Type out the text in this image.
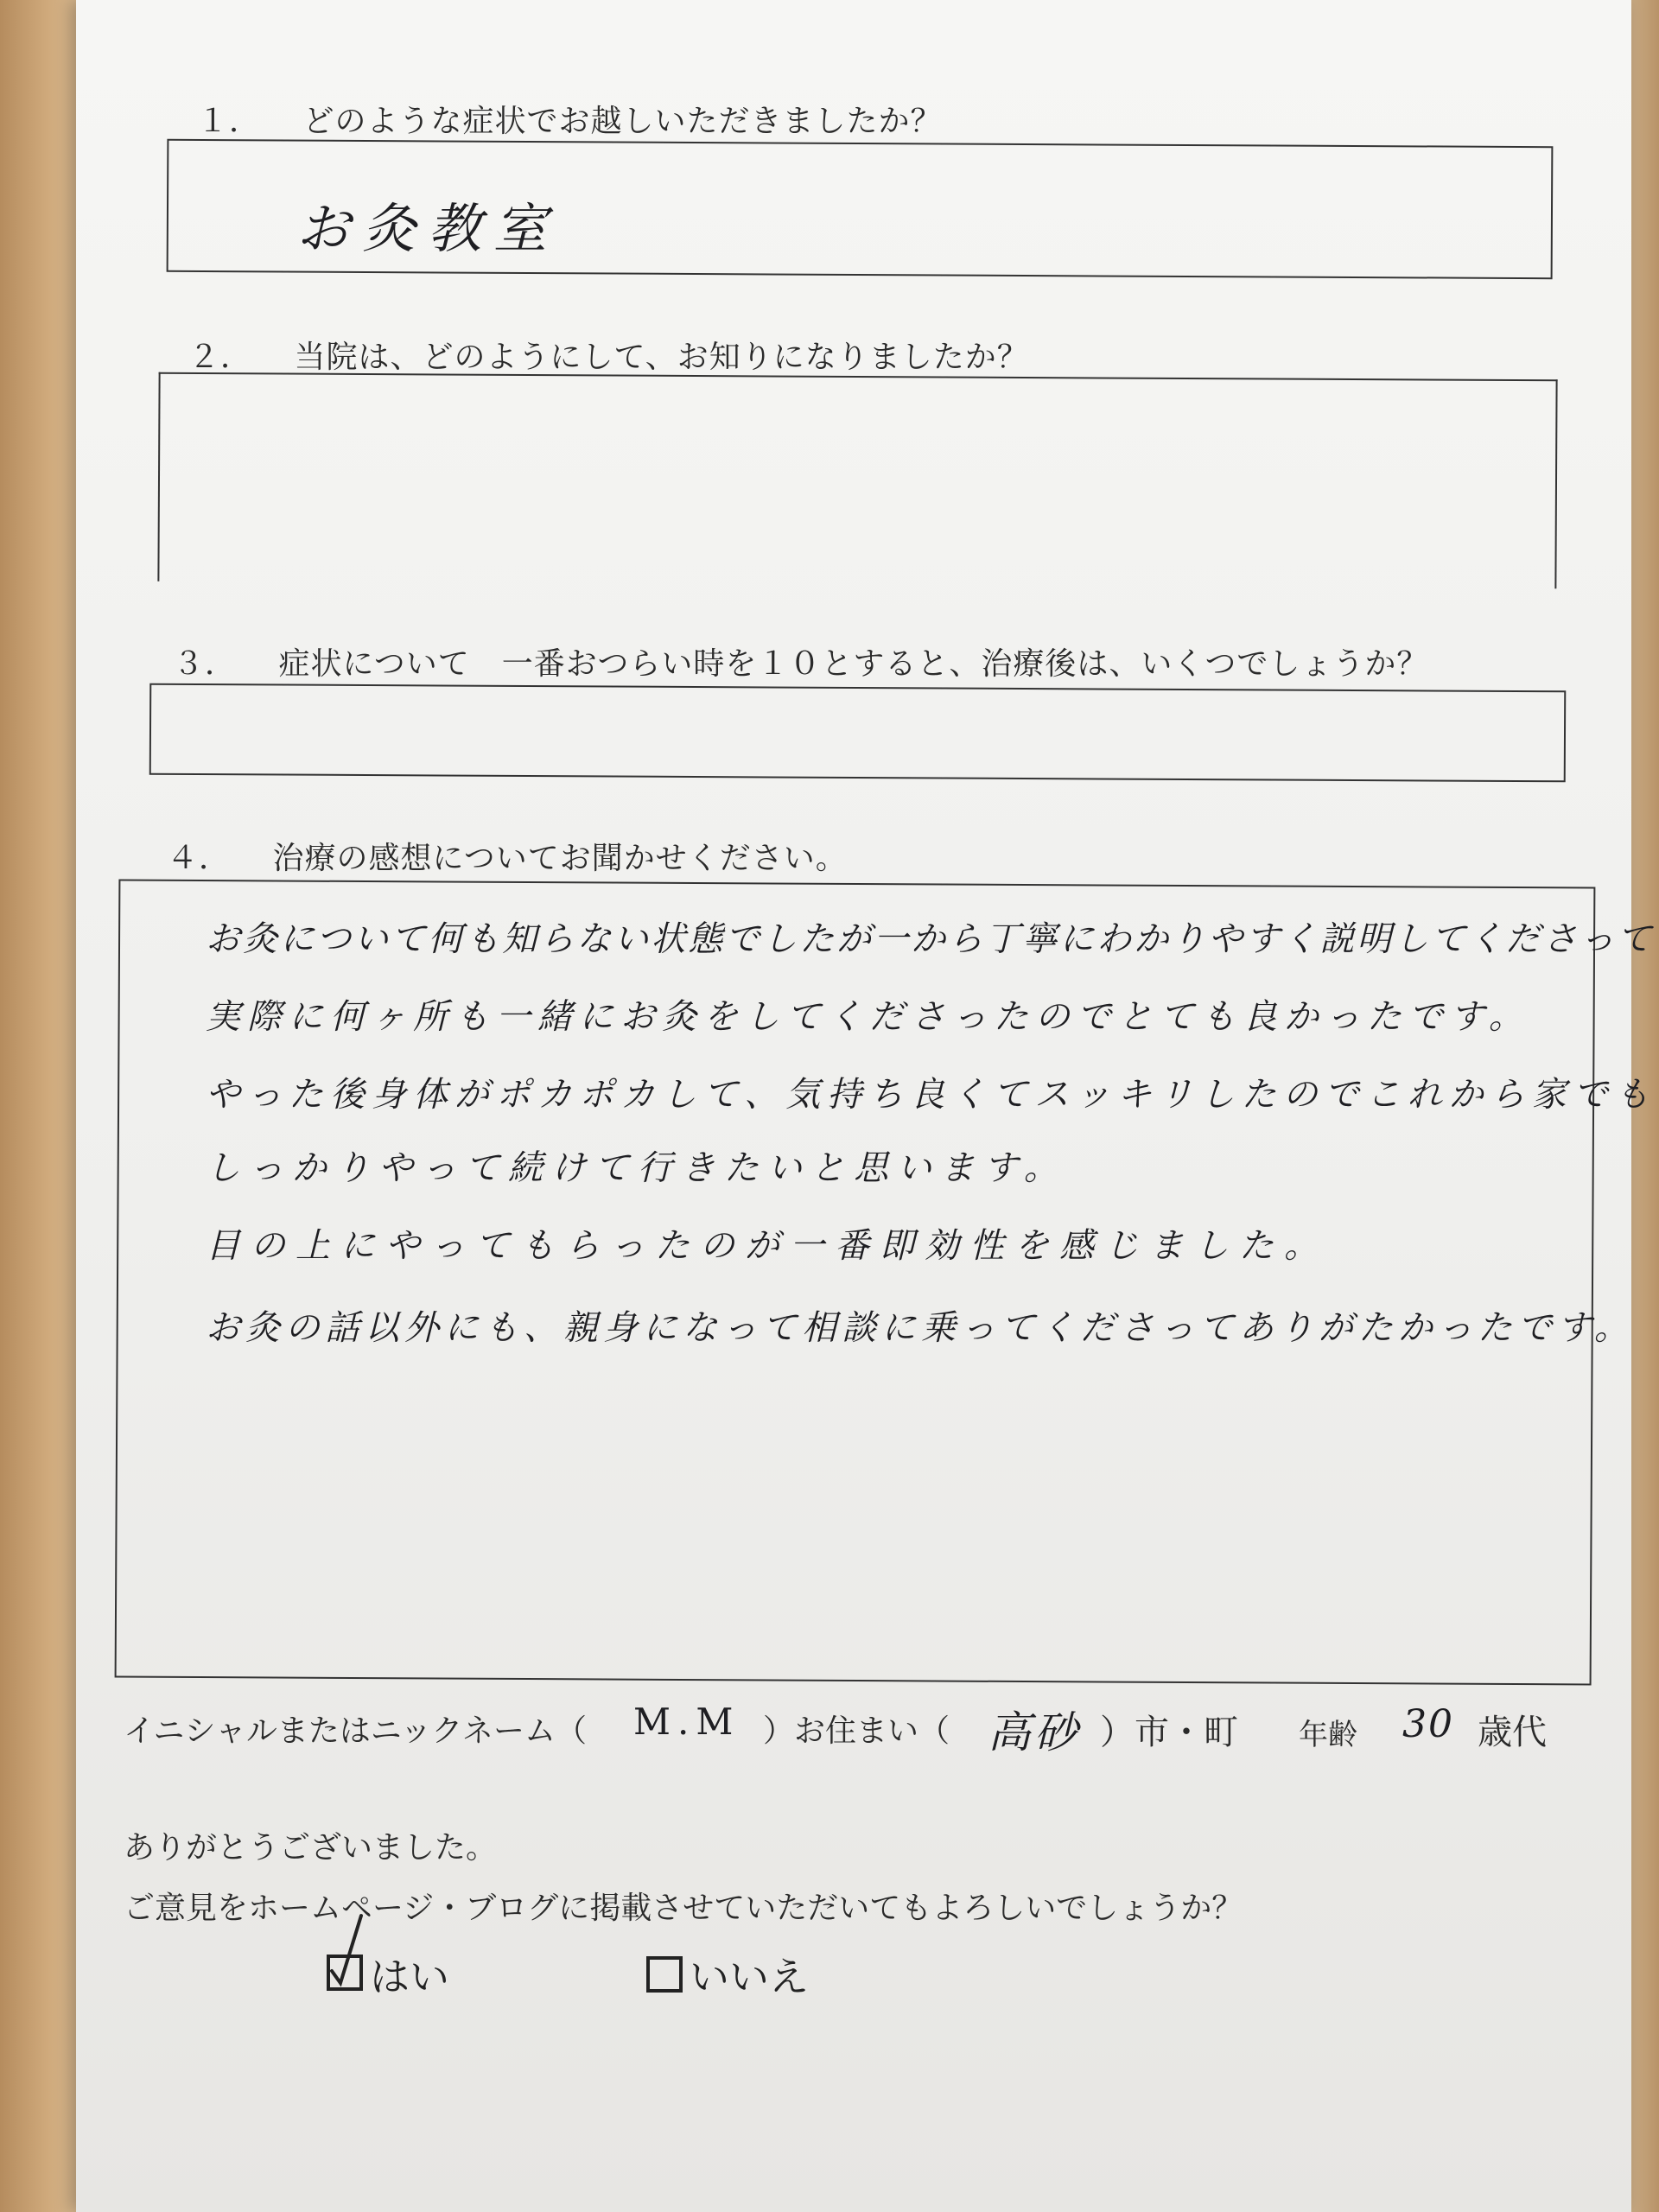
１． どのような症状でお越しいただきましたか？
お灸教室
２． 当院は、どのようにして、お知りになりましたか？
３． 症状について　一番おつらい時を１０とすると、治療後は、いくつでしょうか？
４． 治療の感想についてお聞かせください。
お灸について何も知らない状態でしたが一から丁寧にわかりやすく説明してくださって
実際に何ヶ所も一緒にお灸をしてくださったのでとても良かったです。
やった後身体がポカポカして、気持ち良くてスッキリしたのでこれから家でも
しっかりやって続けて行きたいと思います。
目の上にやってもらったのが一番即効性を感じました。
お灸の話以外にも、親身になって相談に乗ってくださってありがたかったです。
イニシャルまたはニックネーム（ M.M ）お住まい（ 高砂 ）市・町 年齢 30 歳代
ありがとうございました。
ご意見をホームページ・ブログに掲載させていただいてもよろしいでしょうか？
はい	いいえ
